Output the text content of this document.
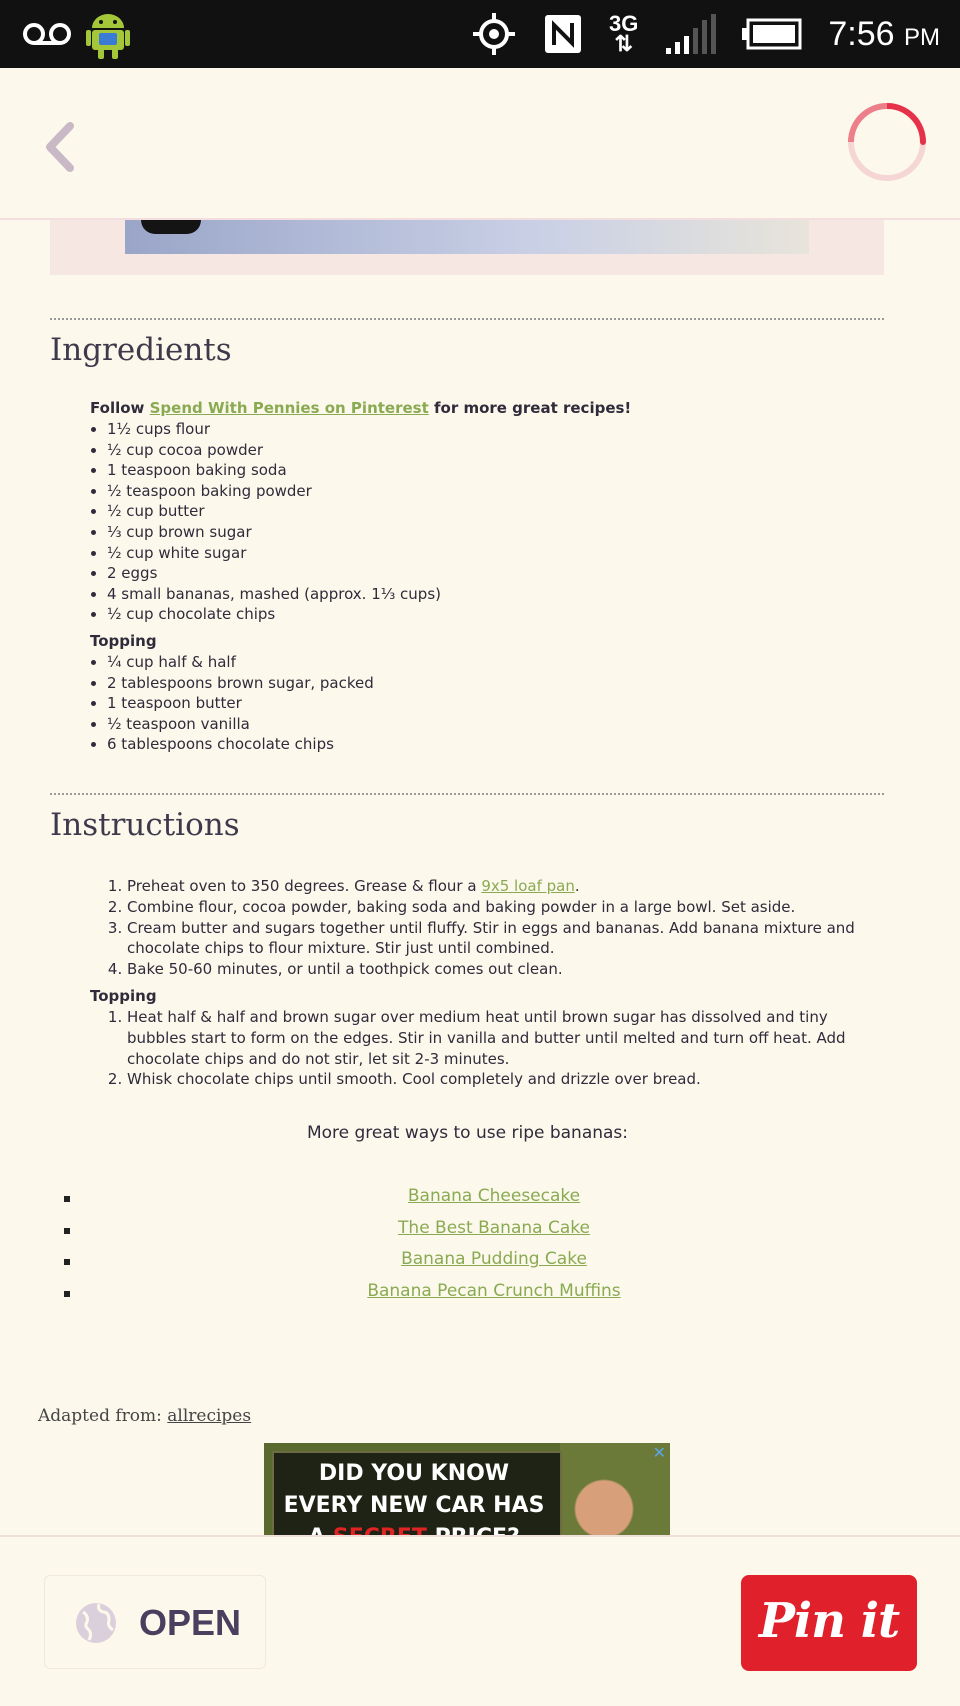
3G
⇅	7:56 PM
Ingredients

Follow Spend With Pennies on Pinterest for more great recipes!

• 1½ cups flour
• ½ cup cocoa powder
• 1 teaspoon baking soda
• ½ teaspoon baking powder
• ½ cup butter
• ⅓ cup brown sugar
• ½ cup white sugar
• 2 eggs
• 4 small bananas, mashed (approx. 1⅓ cups)
• ½ cup chocolate chips

Topping

• ¼ cup half & half
• 2 tablespoons brown sugar, packed
• 1 teaspoon butter
• ½ teaspoon vanilla
• 6 tablespoons chocolate chips
Instructions
1. Preheat oven to 350 degrees. Grease & flour a 9x5 loaf pan.
2. Combine flour, cocoa powder, baking soda and baking powder in a large bowl. Set aside.
3. Cream butter and sugars together until fluffy. Stir in eggs and bananas. Add banana mixture and chocolate chips to flour mixture. Stir just until combined.
4. Bake 50-60 minutes, or until a toothpick comes out clean.

Topping

1. Heat half & half and brown sugar over medium heat until brown sugar has dissolved and tiny bubbles start to form on the edges. Stir in vanilla and butter until melted and turn off heat. Add chocolate chips and do not stir, let sit 2-3 minutes.
2. Whisk chocolate chips until smooth. Cool completely and drizzle over bread.
More great ways to use ripe bananas:
Banana Cheesecake
The Best Banana Cake
Banana Pudding Cake
Banana Pecan Crunch Muffins
Adapted from: allrecipes
DID YOU KNOW
EVERY NEW CAR HAS
✕
OPEN	Pin it
